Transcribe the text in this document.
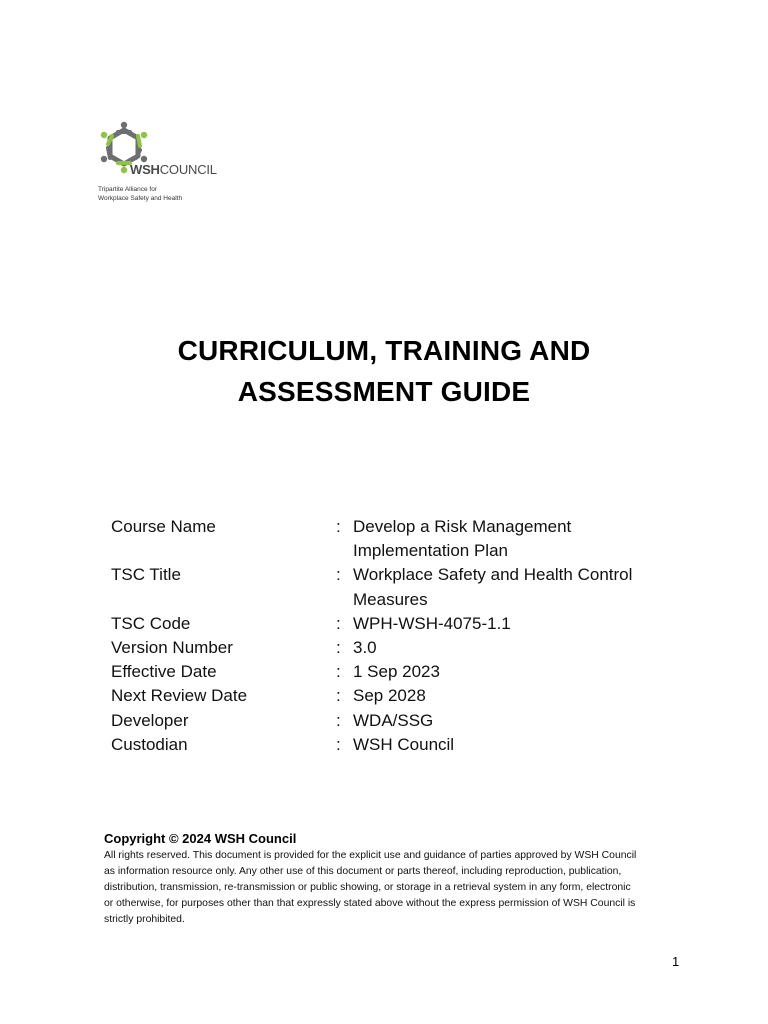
WSHCOUNCIL
Tripartite Alliance for
Workplace Safety and Health
CURRICULUM, TRAINING AND
ASSESSMENT GUIDE
Course Name	: Develop a Risk Management
Implementation Plan
TSC Title	: Workplace Safety and Health Control
Measures
TSC Code	: WPH-WSH-4075-1.1
Version Number	: 3.0
Effective Date	: 1 Sep 2023
Next Review Date	: Sep 2028
Developer	: WDA/SSG
Custodian	: WSH Council
Copyright © 2024 WSH Council
All rights reserved. This document is provided for the explicit use and guidance of parties approved by WSH Council
as information resource only. Any other use of this document or parts thereof, including reproduction, publication,
distribution, transmission, re-transmission or public showing, or storage in a retrieval system in any form, electronic
or otherwise, for purposes other than that expressly stated above without the express permission of WSH Council is
strictly prohibited.
1
